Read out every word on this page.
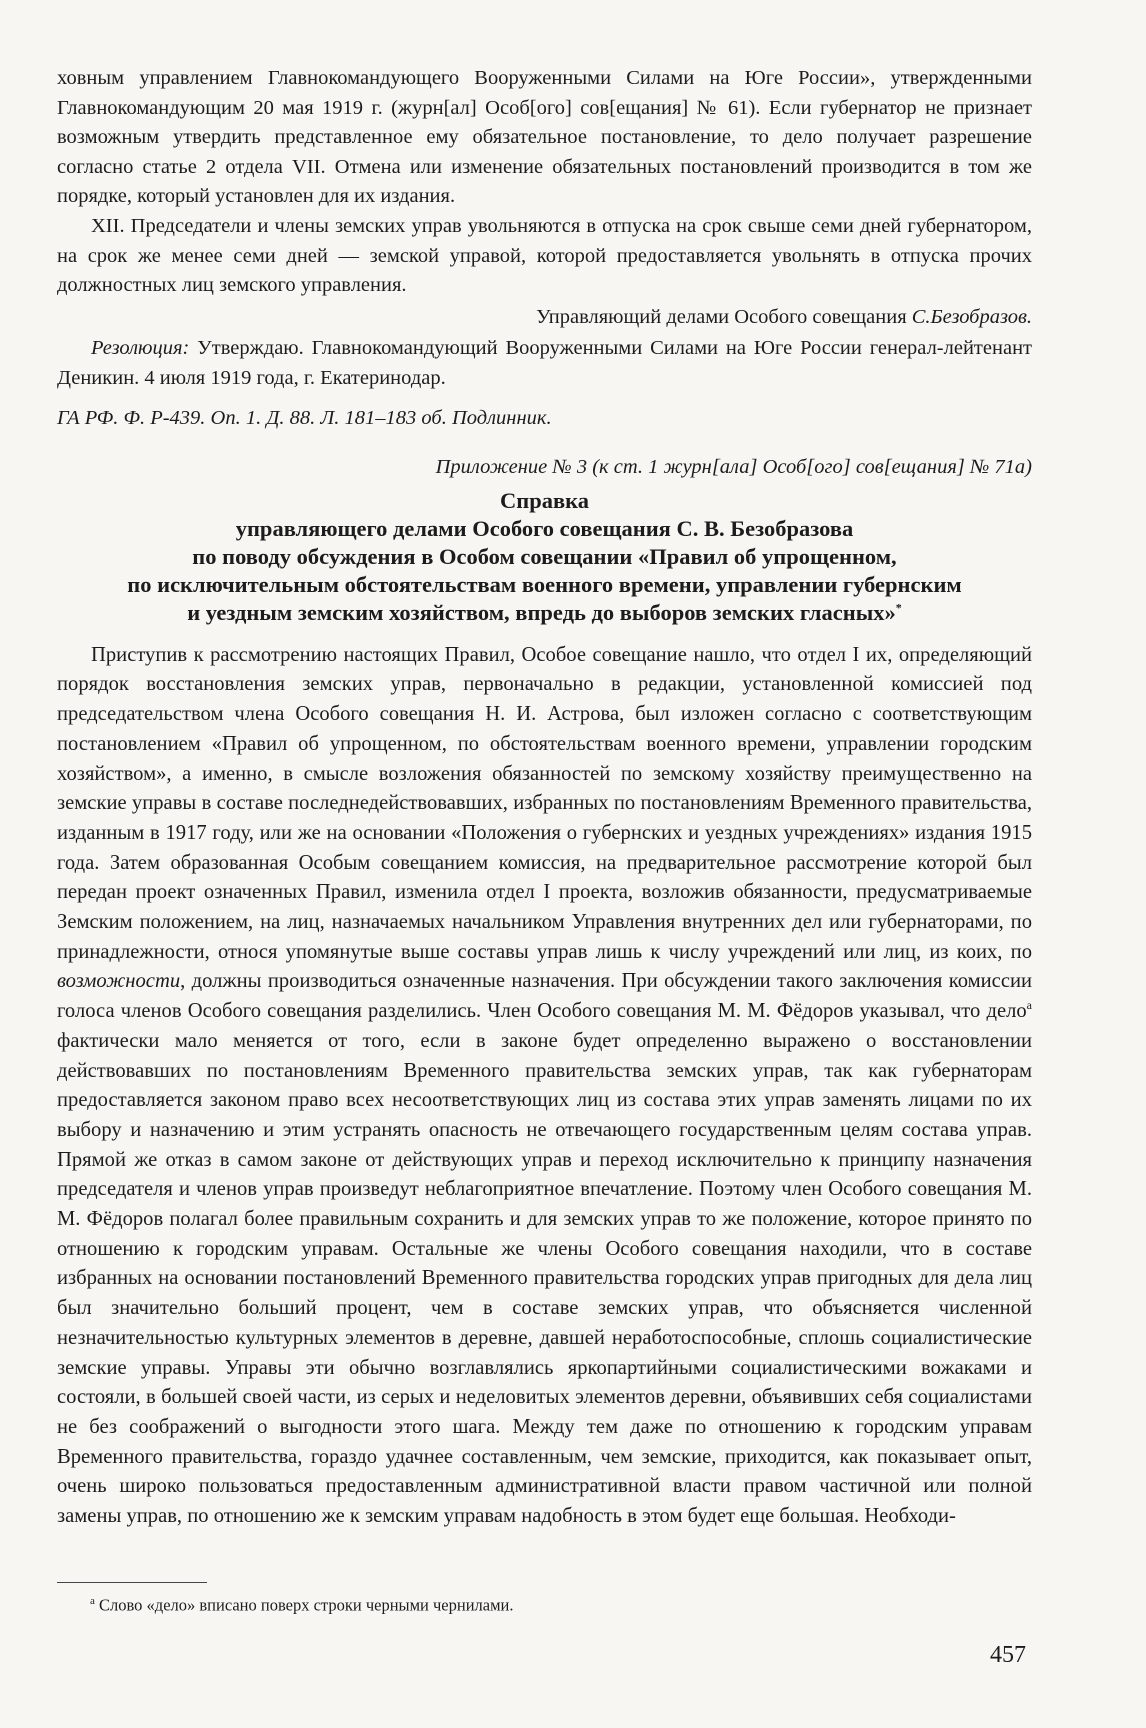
ховным управлением Главнокомандующего Вооруженными Силами на Юге России», утвержденными Главнокомандующим 20 мая 1919 г. (журн[ал] Особ[ого] сов[ещания] № 61). Если губернатор не признает возможным утвердить представленное ему обязательное постановление, то дело получает разрешение согласно статье 2 отдела VII. Отмена или изменение обязательных постановлений производится в том же порядке, который установлен для их издания.

XII. Председатели и члены земских управ увольняются в отпуска на срок свыше семи дней губернатором, на срок же менее семи дней — земской управой, которой предоставляется увольнять в отпуска прочих должностных лиц земского управления.

Управляющий делами Особого совещания С.Безобразов.

Резолюция: Утверждаю. Главнокомандующий Вооруженными Силами на Юге России генерал-лейтенант Деникин. 4 июля 1919 года, г. Екатеринодар.

ГА РФ. Ф. Р-439. Оп. 1. Д. 88. Л. 181–183 об. Подлинник.

Приложение № 3 (к ст. 1 журн[ала] Особ[ого] сов[ещания] № 71а)

Справка
управляющего делами Особого совещания С. В. Безобразова
по поводу обсуждения в Особом совещании «Правил об упрощенном,
по исключительным обстоятельствам военного времени, управлении губернским
и уездным земским хозяйством, впредь до выборов земских гласных»*

Приступив к рассмотрению настоящих Правил, Особое совещание нашло, что отдел I их, определяющий порядок восстановления земских управ, первоначально в редакции, установленной комиссией под председательством члена Особого совещания Н. И. Астрова, был изложен согласно с соответствующим постановлением «Правил об упрощенном, по обстоятельствам военного времени, управлении городским хозяйством», а именно, в смысле возложения обязанностей по земскому хозяйству преимущественно на земские управы в составе последнедействовавших, избранных по постановлениям Временного правительства, изданным в 1917 году, или же на основании «Положения о губернских и уездных учреждениях» издания 1915 года. Затем образованная Особым совещанием комиссия, на предварительное рассмотрение которой был передан проект означенных Правил, изменила отдел I проекта, возложив обязанности, предусматриваемые Земским положением, на лиц, назначаемых начальником Управления внутренних дел или губернаторами, по принадлежности, относя упомянутые выше составы управ лишь к числу учреждений или лиц, из коих, по возможности, должны производиться означенные назначения. При обсуждении такого заключения комиссии голоса членов Особого совещания разделились. Член Особого совещания М. М. Фёдоров указывал, что дело$^а$ фактически мало меняется от того, если в законе будет определенно выражено о восстановлении действовавших по постановлениям Временного правительства земских управ, так как губернаторам предоставляется законом право всех несоответствующих лиц из состава этих управ заменять лицами по их выбору и назначению и этим устранять опасность не отвечающего государственным целям состава управ. Прямой же отказ в самом законе от действующих управ и переход исключительно к принципу назначения председателя и членов управ произведут неблагоприятное впечатление. Поэтому член Особого совещания М. М. Фёдоров полагал более правильным сохранить и для земских управ то же положение, которое принято по отношению к городским управам. Остальные же члены Особого совещания находили, что в составе избранных на основании постановлений Временного правительства городских управ пригодных для дела лиц был значительно больший процент, чем в составе земских управ, что объясняется численной незначительностью культурных элементов в деревне, давшей неработоспособные, сплошь социалистические земские управы. Управы эти обычно возглавлялись яркопартийными социалистическими вожаками и состояли, в большей своей части, из серых и неделовитых элементов деревни, объявивших себя социалистами не без соображений о выгодности этого шага. Между тем даже по отношению к городским управам Временного правительства, гораздо удачнее составленным, чем земские, приходится, как показывает опыт, очень широко пользоваться предоставленным административной власти правом частичной или полной замены управ, по отношению же к земским управам надобность в этом будет еще большая. Необходи-

$^а$ Слово «дело» вписано поверх строки черными чернилами.
457
